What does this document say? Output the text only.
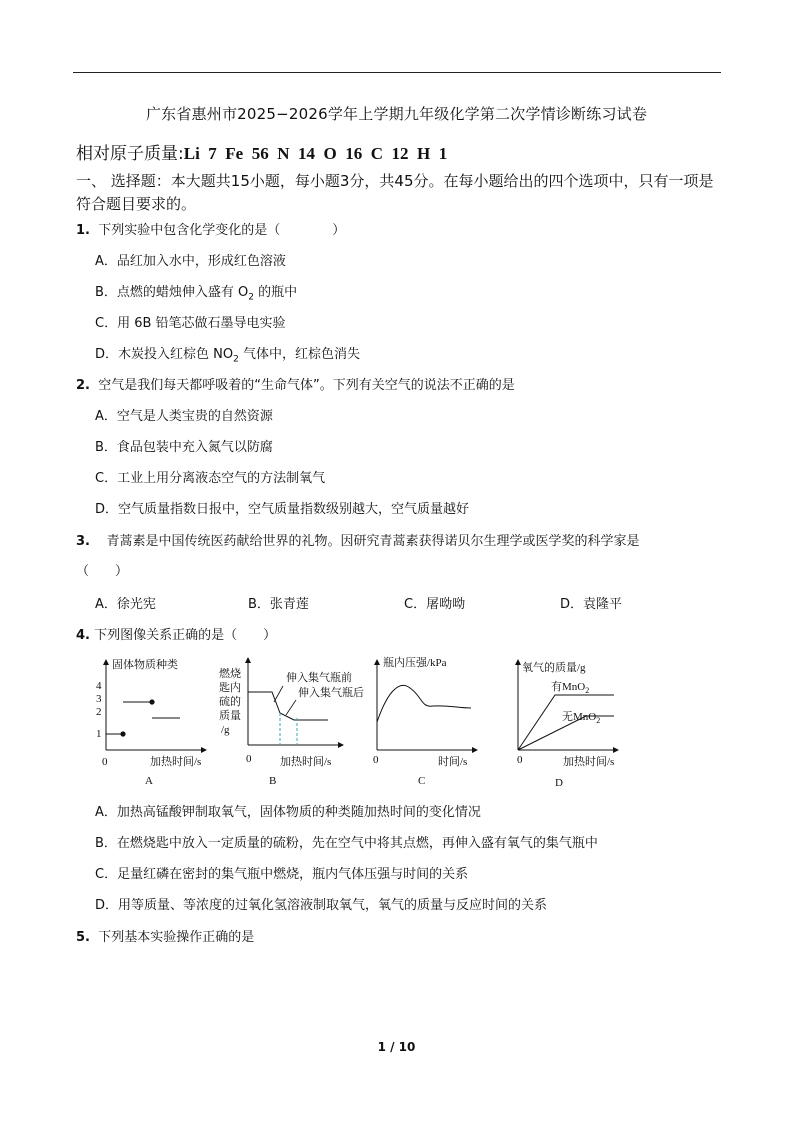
广东省惠州市2025−2026学年上学期九年级化学第二次学情诊断练习试卷
相对原子质量:Li  7  Fe  56  N  14  O  16  C  12  H  1
一、 选择题：本大题共15小题，每小题3分，共45分。在每小题给出的四个选项中，只有一项是符合题目要求的。
1. 下列实验中包含化学变化的是（　　　　）
A．品红加入水中，形成红色溶液
B．点燃的蜡烛伸入盛有 $O_2$ 的瓶中
C．用 6B 铅笔芯做石墨导电实验
D．木炭投入红棕色 $NO_2$ 气体中，红棕色消失
2. 空气是我们每天都呼吸着的“生命气体”。下列有关空气的说法不正确的是
A．空气是人类宝贵的自然资源
B．食品包装中充入氮气以防腐
C．工业上用分离液态空气的方法制氧气
D．空气质量指数日报中，空气质量指数级别越大，空气质量越好
3. 青蒿素是中国传统医药献给世界的礼物。因研究青蒿素获得诺贝尔生理学或医学奖的科学家是
（　　）
A．徐光宪	B．张青莲	C．屠呦呦	D．袁隆平
4. 下列图像关系正确的是（　　）
固体物质种类
4
3
2
1
0	加热时间/s
A
燃烧
匙内
硫的
质量
/g
伸入集气瓶前
伸入集气瓶后
0	加热时间/s
B
瓶内压强/kPa
0	时间/s
C
氧气的质量/g
有MnO$_2$
无MnO$_2$
0	加热时间/s
D
A．加热高锰酸钾制取氧气，固体物质的种类随加热时间的变化情况
B．在燃烧匙中放入一定质量的硫粉，先在空气中将其点燃，再伸入盛有氧气的集气瓶中
C．足量红磷在密封的集气瓶中燃烧，瓶内气体压强与时间的关系
D．用等质量、等浓度的过氧化氢溶液制取氧气，氧气的质量与反应时间的关系
5. 下列基本实验操作正确的是
1 / 10
